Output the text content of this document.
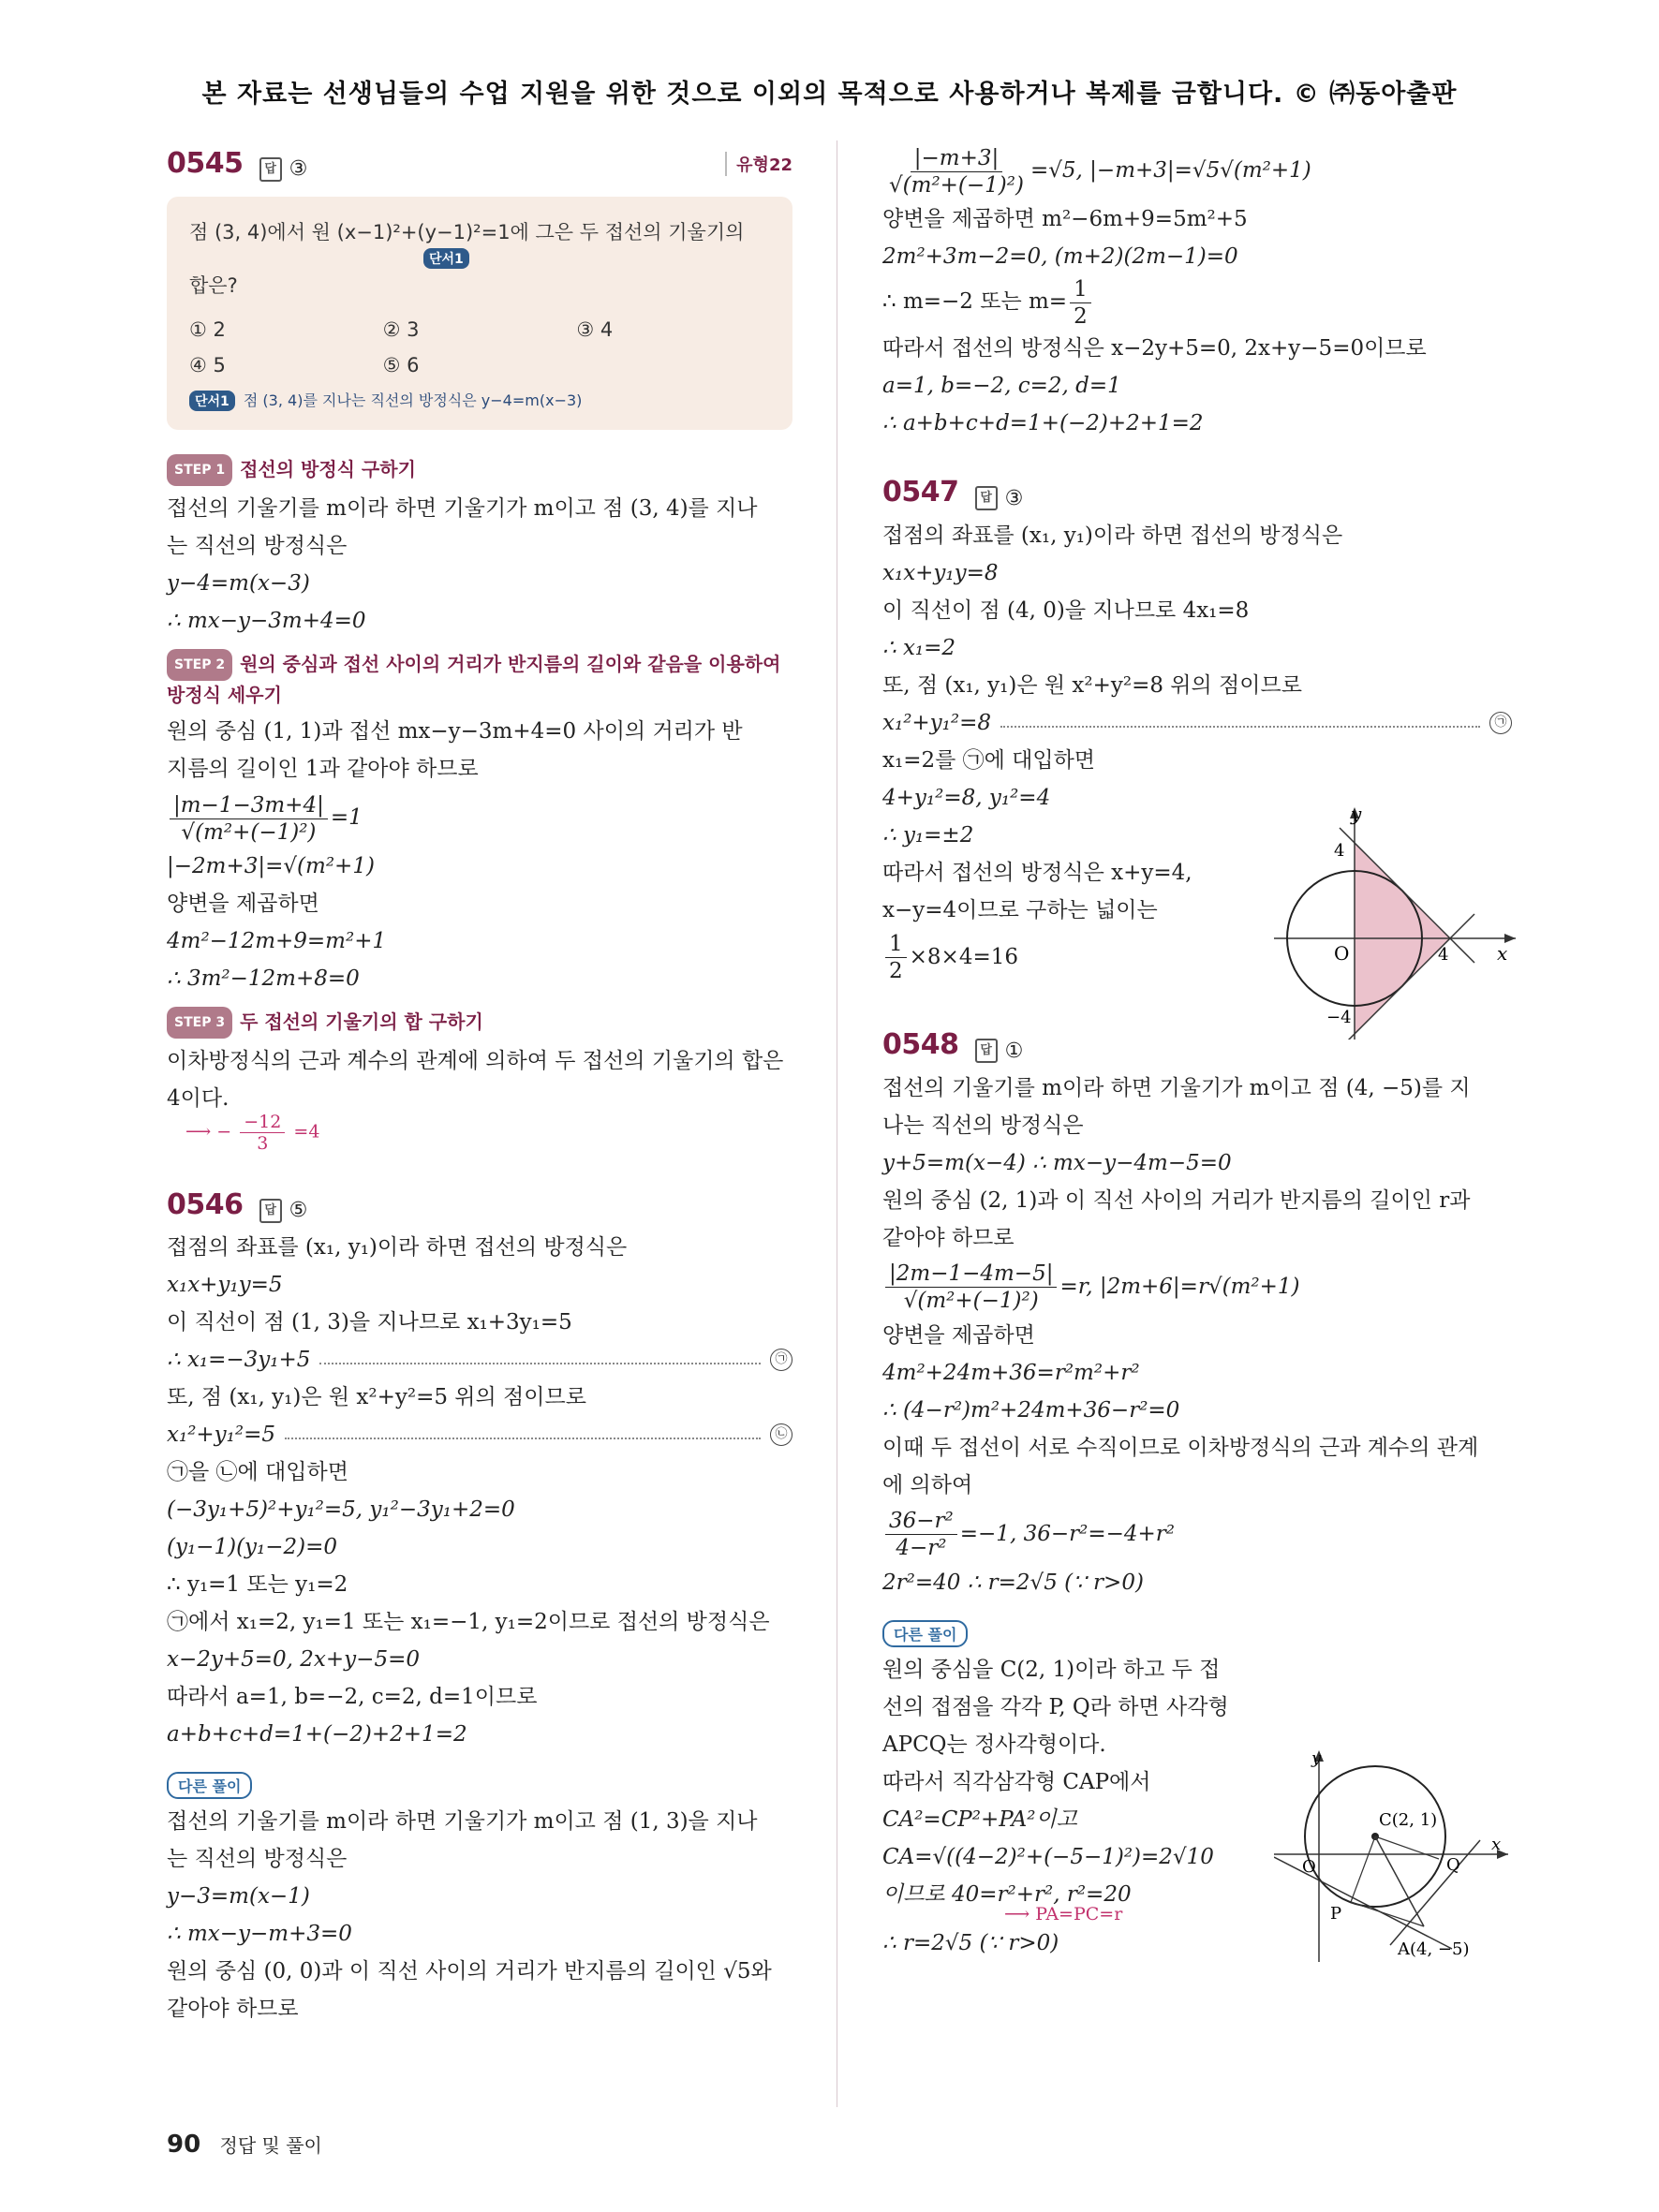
본 자료는 선생님들의 수업 지원을 위한 것으로 이외의 목적으로 사용하거나 복제를 금합니다. © ㈜동아출판
0545	답 ③	유형22
점 (3, 4)에서 원 (x−1)²+(y−1)²=1에 그은 두 접선의 기울기의
단서1
합은?
① 2	② 3	③ 4
④ 5	⑤ 6
단서1 점 (3, 4)를 지나는 직선의 방정식은 y−4=m(x−3)
STEP 1 접선의 방정식 구하기
접선의 기울기를 m이라 하면 기울기가 m이고 점 (3, 4)를 지나
는 직선의 방정식은
y−4=m(x−3)
∴ mx−y−3m+4=0
STEP 2 원의 중심과 접선 사이의 거리가 반지름의 길이와 같음을 이용하여
방정식 세우기
원의 중심 (1, 1)과 접선 mx−y−3m+4=0 사이의 거리가 반
지름의 길이인 1과 같아야 하므로
$\frac{|m-1-3m+4|}{\text{√(m²+(−1)²)}} =1$
|−2m+3|=√(m²+1)
양변을 제곱하면
4m²−12m+9=m²+1
∴ 3m²−12m+8=0
STEP 3 두 접선의 기울기의 합 구하기
이차방정식의 근과 계수의 관계에 의하여 두 접선의 기울기의 합은
4이다.
⟶ − $\frac{-12}{3} =4$
0546	답 ⑤
접점의 좌표를 (x₁, y₁)이라 하면 접선의 방정식은
x₁x+y₁y=5
이 직선이 점 (1, 3)을 지나므로 x₁+3y₁=5
∴ x₁=−3y₁+5	㉠
또, 점 (x₁, y₁)은 원 x²+y²=5 위의 점이므로
x₁²+y₁²=5	㉡
㉠을 ㉡에 대입하면
(−3y₁+5)²+y₁²=5, y₁²−3y₁+2=0
(y₁−1)(y₁−2)=0
∴ y₁=1 또는 y₁=2
㉠에서 x₁=2, y₁=1 또는 x₁=−1, y₁=2이므로 접선의 방정식은
x−2y+5=0, 2x+y−5=0
따라서 a=1, b=−2, c=2, d=1이므로
a+b+c+d=1+(−2)+2+1=2
다른 풀이
접선의 기울기를 m이라 하면 기울기가 m이고 점 (1, 3)을 지나
는 직선의 방정식은
y−3=m(x−1)
∴ mx−y−m+3=0
원의 중심 (0, 0)과 이 직선 사이의 거리가 반지름의 길이인 √5와
같아야 하므로
$\frac{|-m+3|}{\text{√(m²+(−1)²)}} =√5$, |−m+3|=√5√(m²+1)
양변을 제곱하면 m²−6m+9=5m²+5
2m²+3m−2=0, (m+2)(2m−1)=0
∴ m=−2 또는 $m= \frac{1}{2}$
따라서 접선의 방정식은 x−2y+5=0, 2x+y−5=0이므로
a=1, b=−2, c=2, d=1
∴ a+b+c+d=1+(−2)+2+1=2
0547	답 ③
접점의 좌표를 (x₁, y₁)이라 하면 접선의 방정식은
x₁x+y₁y=8
이 직선이 점 (4, 0)을 지나므로 4x₁=8
∴ x₁=2
또, 점 (x₁, y₁)은 원 x²+y²=8 위의 점이므로
x₁²+y₁²=8	㉠
x₁=2를 ㉠에 대입하면
4+y₁²=8, y₁²=4
∴ y₁=±2
따라서 접선의 방정식은 x+y=4,
x−y=4이므로 구하는 넓이는
$\frac{1}{2} \times 8\times 4=16$
0548	답 ①
접선의 기울기를 m이라 하면 기울기가 m이고 점 (4, −5)를 지
나는 직선의 방정식은
y+5=m(x−4) ∴ mx−y−4m−5=0
원의 중심 (2, 1)과 이 직선 사이의 거리가 반지름의 길이인 r과
같아야 하므로
$\frac{|2m-1-4m-5|}{\text{√(m²+(−1)²)}} =r$, |2m+6|=r√(m²+1)
양변을 제곱하면
4m²+24m+36=r²m²+r²
∴ (4−r²)m²+24m+36−r²=0
이때 두 접선이 서로 수직이므로 이차방정식의 근과 계수의 관계
에 의하여
$\frac{\text{36−r²}}{\text{4−r²}} =-1$, 36−r²=−4+r²
2r²=40 ∴ r=2√5 (∵ r>0)
다른 풀이
원의 중심을 C(2, 1)이라 하고 두 접
선의 접점을 각각 P, Q라 하면 사각형
APCQ는 정사각형이다.
따라서 직각삼각형 CAP에서
CA²=CP²+PA²이고
CA=√((4−2)²+(−5−1)²)=2√10
이므로 40=r²+r², r²=20
⟶ PA=PC=r
∴ r=2√5 (∵ r>0)
y
x
O
4
−4
4
y
x
O
C(2, 1)
Q
P
A(4, −5)
90 정답 및 풀이
